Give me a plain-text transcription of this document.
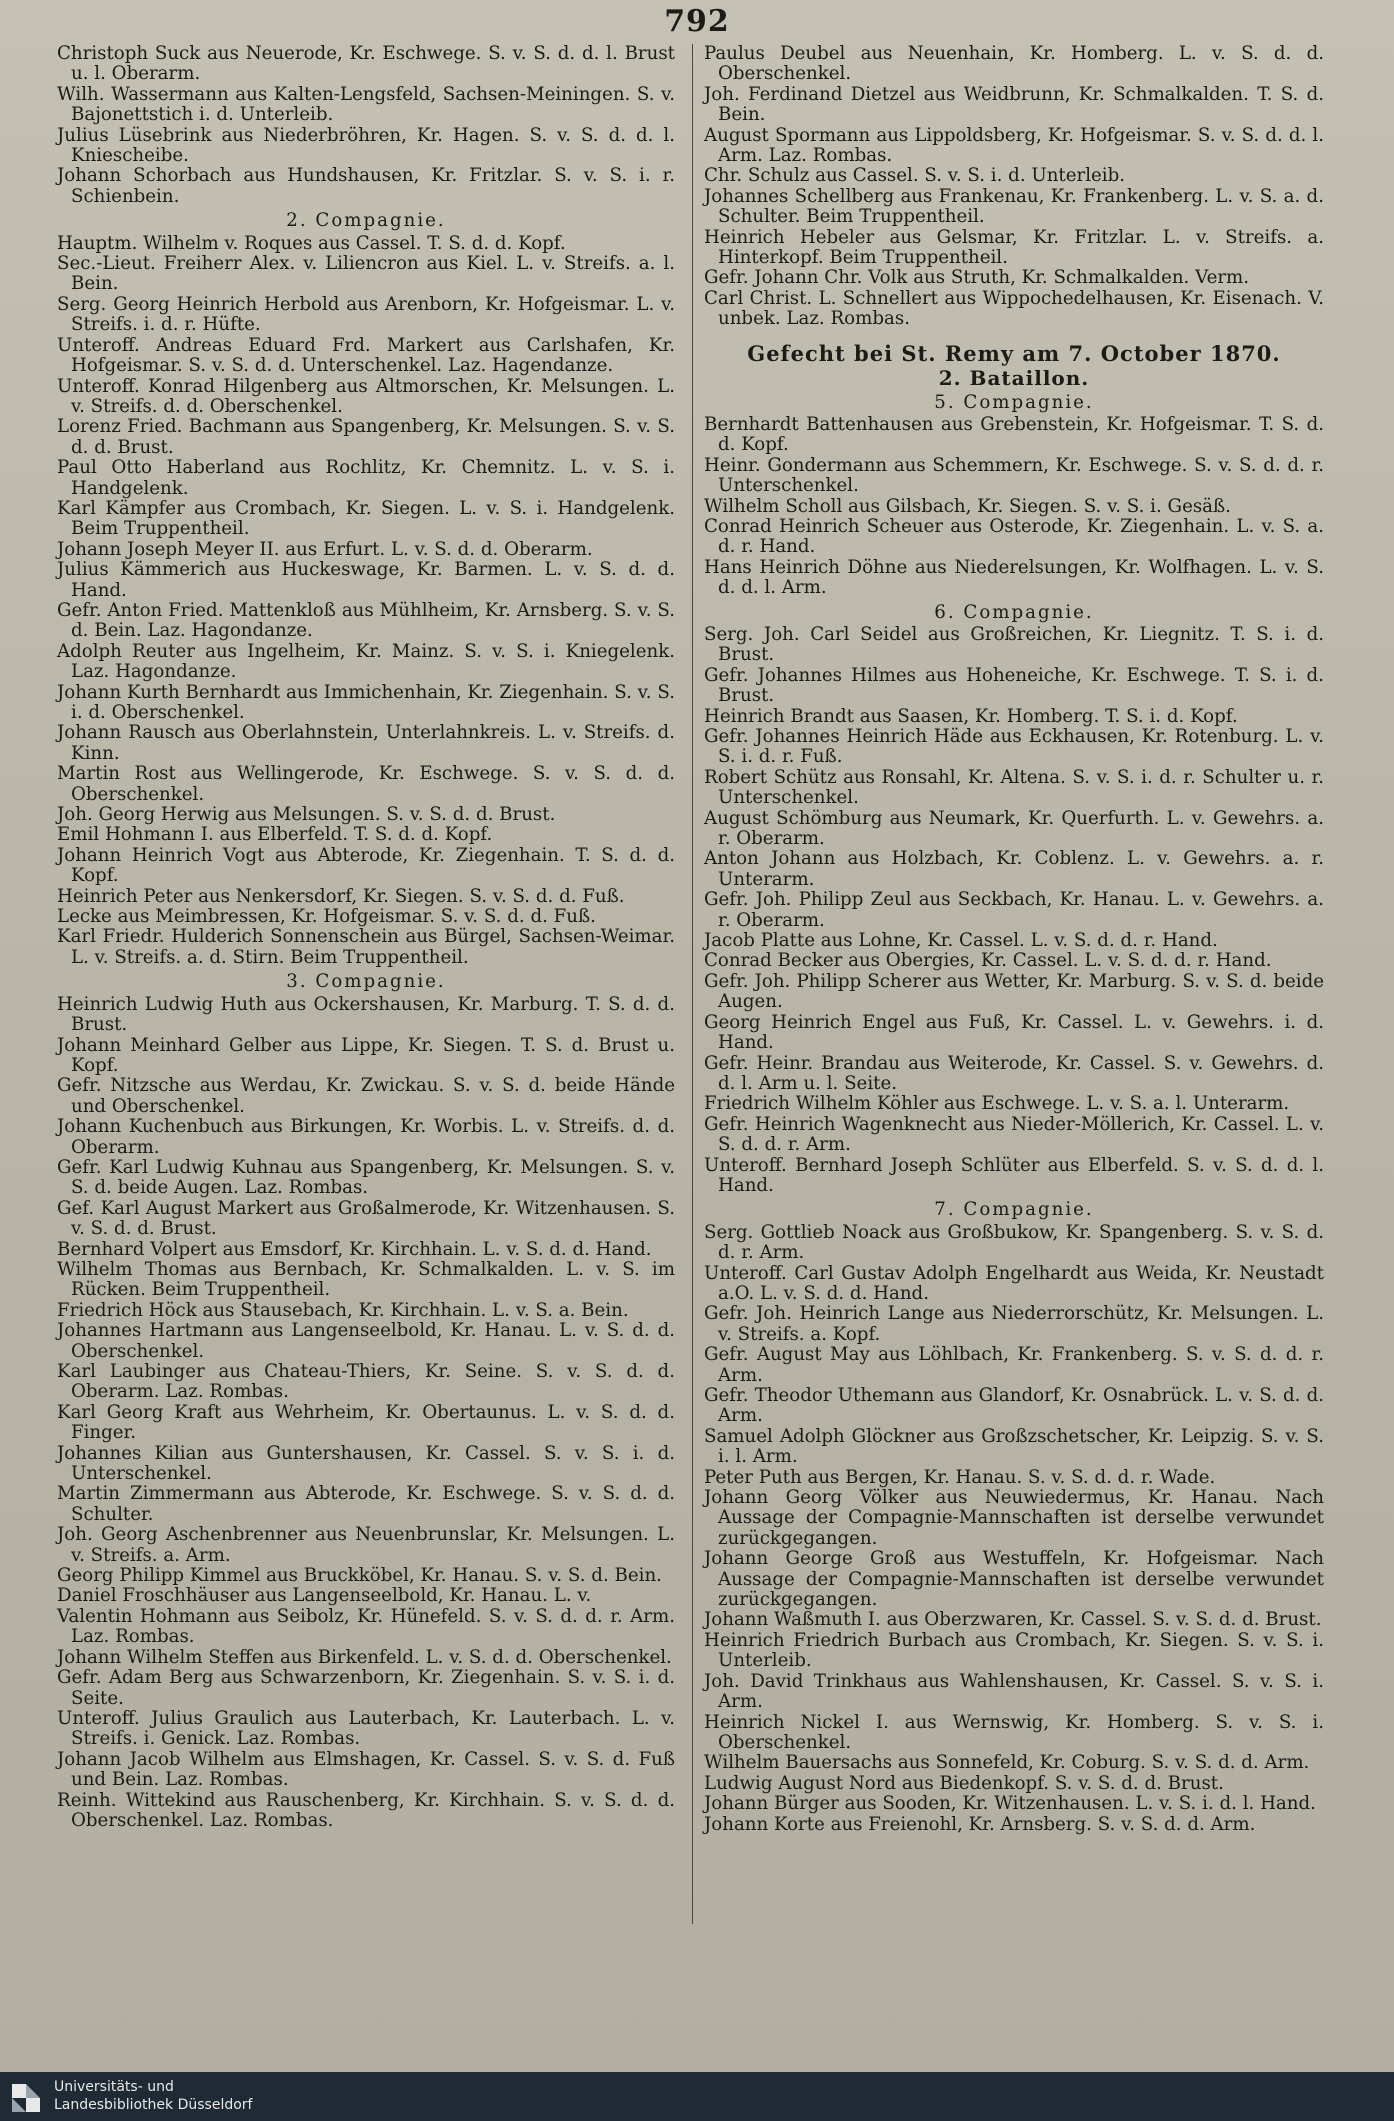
792
Christoph Suck aus Neuerode, Kr. Eschwege. S. v. S. d. d. l. Brust u. l. Oberarm.
Wilh. Wassermann aus Kalten-Lengsfeld, Sachsen-Meiningen. S. v. Bajonettstich i. d. Unterleib.
Julius Lüsebrink aus Niederbröhren, Kr. Hagen. S. v. S. d. d. l. Kniescheibe.
Johann Schorbach aus Hundshausen, Kr. Fritzlar. S. v. S. i. r. Schienbein.
2. Compagnie.
Hauptm. Wilhelm v. Roques aus Cassel. T. S. d. d. Kopf.
Sec.-Lieut. Freiherr Alex. v. Liliencron aus Kiel. L. v. Streifs. a. l. Bein.
Serg. Georg Heinrich Herbold aus Arenborn, Kr. Hofgeismar. L. v. Streifs. i. d. r. Hüfte.
Unteroff. Andreas Eduard Frd. Markert aus Carlshafen, Kr. Hofgeismar. S. v. S. d. d. Unterschenkel. Laz. Hagendanze.
Unteroff. Konrad Hilgenberg aus Altmorschen, Kr. Melsungen. L. v. Streifs. d. d. Oberschenkel.
Lorenz Fried. Bachmann aus Spangenberg, Kr. Melsungen. S. v. S. d. d. Brust.
Paul Otto Haberland aus Rochlitz, Kr. Chemnitz. L. v. S. i. Handgelenk.
Karl Kämpfer aus Crombach, Kr. Siegen. L. v. S. i. Handgelenk. Beim Truppentheil.
Johann Joseph Meyer II. aus Erfurt. L. v. S. d. d. Oberarm.
Julius Kämmerich aus Huckeswage, Kr. Barmen. L. v. S. d. d. Hand.
Gefr. Anton Fried. Mattenkloß aus Mühlheim, Kr. Arnsberg. S. v. S. d. Bein. Laz. Hagondanze.
Adolph Reuter aus Ingelheim, Kr. Mainz. S. v. S. i. Kniegelenk. Laz. Hagondanze.
Johann Kurth Bernhardt aus Immichenhain, Kr. Ziegenhain. S. v. S. i. d. Oberschenkel.
Johann Rausch aus Oberlahnstein, Unterlahnkreis. L. v. Streifs. d. Kinn.
Martin Rost aus Wellingerode, Kr. Eschwege. S. v. S. d. d. Oberschenkel.
Joh. Georg Herwig aus Melsungen. S. v. S. d. d. Brust.
Emil Hohmann I. aus Elberfeld. T. S. d. d. Kopf.
Johann Heinrich Vogt aus Abterode, Kr. Ziegenhain. T. S. d. d. Kopf.
Heinrich Peter aus Nenkersdorf, Kr. Siegen. S. v. S. d. d. Fuß.
Lecke aus Meimbressen, Kr. Hofgeismar. S. v. S. d. d. Fuß.
Karl Friedr. Hulderich Sonnenschein aus Bürgel, Sachsen-Weimar. L. v. Streifs. a. d. Stirn. Beim Truppentheil.
3. Compagnie.
Heinrich Ludwig Huth aus Ockershausen, Kr. Marburg. T. S. d. d. Brust.
Johann Meinhard Gelber aus Lippe, Kr. Siegen. T. S. d. Brust u. Kopf.
Gefr. Nitzsche aus Werdau, Kr. Zwickau. S. v. S. d. beide Hände und Oberschenkel.
Johann Kuchenbuch aus Birkungen, Kr. Worbis. L. v. Streifs. d. d. Oberarm.
Gefr. Karl Ludwig Kuhnau aus Spangenberg, Kr. Melsungen. S. v. S. d. beide Augen. Laz. Rombas.
Gef. Karl August Markert aus Großalmerode, Kr. Witzenhausen. S. v. S. d. d. Brust.
Bernhard Volpert aus Emsdorf, Kr. Kirchhain. L. v. S. d. d. Hand.
Wilhelm Thomas aus Bernbach, Kr. Schmalkalden. L. v. S. im Rücken. Beim Truppentheil.
Friedrich Höck aus Stausebach, Kr. Kirchhain. L. v. S. a. Bein.
Johannes Hartmann aus Langenseelbold, Kr. Hanau. L. v. S. d. d. Oberschenkel.
Karl Laubinger aus Chateau-Thiers, Kr. Seine. S. v. S. d. d. Oberarm. Laz. Rombas.
Karl Georg Kraft aus Wehrheim, Kr. Obertaunus. L. v. S. d. d. Finger.
Johannes Kilian aus Guntershausen, Kr. Cassel. S. v. S. i. d. Unterschenkel.
Martin Zimmermann aus Abterode, Kr. Eschwege. S. v. S. d. d. Schulter.
Joh. Georg Aschenbrenner aus Neuenbrunslar, Kr. Melsungen. L. v. Streifs. a. Arm.
Georg Philipp Kimmel aus Bruckköbel, Kr. Hanau. S. v. S. d. Bein.
Daniel Froschhäuser aus Langenseelbold, Kr. Hanau. L. v.
Valentin Hohmann aus Seibolz, Kr. Hünefeld. S. v. S. d. d. r. Arm. Laz. Rombas.
Johann Wilhelm Steffen aus Birkenfeld. L. v. S. d. d. Oberschenkel.
Gefr. Adam Berg aus Schwarzenborn, Kr. Ziegenhain. S. v. S. i. d. Seite.
Unteroff. Julius Graulich aus Lauterbach, Kr. Lauterbach. L. v. Streifs. i. Genick. Laz. Rombas.
Johann Jacob Wilhelm aus Elmshagen, Kr. Cassel. S. v. S. d. Fuß und Bein. Laz. Rombas.
Reinh. Wittekind aus Rauschenberg, Kr. Kirchhain. S. v. S. d. d. Oberschenkel. Laz. Rombas.
Paulus Deubel aus Neuenhain, Kr. Homberg. L. v. S. d. d. Oberschenkel.
Joh. Ferdinand Dietzel aus Weidbrunn, Kr. Schmalkalden. T. S. d. Bein.
August Spormann aus Lippoldsberg, Kr. Hofgeismar. S. v. S. d. d. l. Arm. Laz. Rombas.
Chr. Schulz aus Cassel. S. v. S. i. d. Unterleib.
Johannes Schellberg aus Frankenau, Kr. Frankenberg. L. v. S. a. d. Schulter. Beim Truppentheil.
Heinrich Hebeler aus Gelsmar, Kr. Fritzlar. L. v. Streifs. a. Hinterkopf. Beim Truppentheil.
Gefr. Johann Chr. Volk aus Struth, Kr. Schmalkalden. Verm.
Carl Christ. L. Schnellert aus Wippochedelhausen, Kr. Eisenach. V. unbek. Laz. Rombas.
Gefecht bei St. Remy am 7. October 1870.
2. Bataillon.
5. Compagnie.
Bernhardt Battenhausen aus Grebenstein, Kr. Hofgeismar. T. S. d. d. Kopf.
Heinr. Gondermann aus Schemmern, Kr. Eschwege. S. v. S. d. d. r. Unterschenkel.
Wilhelm Scholl aus Gilsbach, Kr. Siegen. S. v. S. i. Gesäß.
Conrad Heinrich Scheuer aus Osterode, Kr. Ziegenhain. L. v. S. a. d. r. Hand.
Hans Heinrich Döhne aus Niederelsungen, Kr. Wolfhagen. L. v. S. d. d. l. Arm.
6. Compagnie.
Serg. Joh. Carl Seidel aus Großreichen, Kr. Liegnitz. T. S. i. d. Brust.
Gefr. Johannes Hilmes aus Hoheneiche, Kr. Eschwege. T. S. i. d. Brust.
Heinrich Brandt aus Saasen, Kr. Homberg. T. S. i. d. Kopf.
Gefr. Johannes Heinrich Häde aus Eckhausen, Kr. Rotenburg. L. v. S. i. d. r. Fuß.
Robert Schütz aus Ronsahl, Kr. Altena. S. v. S. i. d. r. Schulter u. r. Unterschenkel.
August Schömburg aus Neumark, Kr. Querfurth. L. v. Gewehrs. a. r. Oberarm.
Anton Johann aus Holzbach, Kr. Coblenz. L. v. Gewehrs. a. r. Unterarm.
Gefr. Joh. Philipp Zeul aus Seckbach, Kr. Hanau. L. v. Gewehrs. a. r. Oberarm.
Jacob Platte aus Lohne, Kr. Cassel. L. v. S. d. d. r. Hand.
Conrad Becker aus Obergies, Kr. Cassel. L. v. S. d. d. r. Hand.
Gefr. Joh. Philipp Scherer aus Wetter, Kr. Marburg. S. v. S. d. beide Augen.
Georg Heinrich Engel aus Fuß, Kr. Cassel. L. v. Gewehrs. i. d. Hand.
Gefr. Heinr. Brandau aus Weiterode, Kr. Cassel. S. v. Gewehrs. d. d. l. Arm u. l. Seite.
Friedrich Wilhelm Köhler aus Eschwege. L. v. S. a. l. Unterarm.
Gefr. Heinrich Wagenknecht aus Nieder-Möllerich, Kr. Cassel. L. v. S. d. d. r. Arm.
Unteroff. Bernhard Joseph Schlüter aus Elberfeld. S. v. S. d. d. l. Hand.
7. Compagnie.
Serg. Gottlieb Noack aus Großbukow, Kr. Spangenberg. S. v. S. d. d. r. Arm.
Unteroff. Carl Gustav Adolph Engelhardt aus Weida, Kr. Neustadt a.O. L. v. S. d. d. Hand.
Gefr. Joh. Heinrich Lange aus Niederrorschütz, Kr. Melsungen. L. v. Streifs. a. Kopf.
Gefr. August May aus Löhlbach, Kr. Frankenberg. S. v. S. d. d. r. Arm.
Gefr. Theodor Uthemann aus Glandorf, Kr. Osnabrück. L. v. S. d. d. Arm.
Samuel Adolph Glöckner aus Großzschetscher, Kr. Leipzig. S. v. S. i. l. Arm.
Peter Puth aus Bergen, Kr. Hanau. S. v. S. d. d. r. Wade.
Johann Georg Völker aus Neuwiedermus, Kr. Hanau. Nach Aussage der Compagnie-Mannschaften ist derselbe verwundet zurückgegangen.
Johann George Groß aus Westuffeln, Kr. Hofgeismar. Nach Aussage der Compagnie-Mannschaften ist derselbe verwundet zurückgegangen.
Johann Waßmuth I. aus Oberzwaren, Kr. Cassel. S. v. S. d. d. Brust.
Heinrich Friedrich Burbach aus Crombach, Kr. Siegen. S. v. S. i. Unterleib.
Joh. David Trinkhaus aus Wahlenshausen, Kr. Cassel. S. v. S. i. Arm.
Heinrich Nickel I. aus Wernswig, Kr. Homberg. S. v. S. i. Oberschenkel.
Wilhelm Bauersachs aus Sonnefeld, Kr. Coburg. S. v. S. d. d. Arm.
Ludwig August Nord aus Biedenkopf. S. v. S. d. d. Brust.
Johann Bürger aus Sooden, Kr. Witzenhausen. L. v. S. i. d. l. Hand.
Johann Korte aus Freienohl, Kr. Arnsberg. S. v. S. d. d. Arm.
Universitäts- und
Landesbibliothek Düsseldorf
